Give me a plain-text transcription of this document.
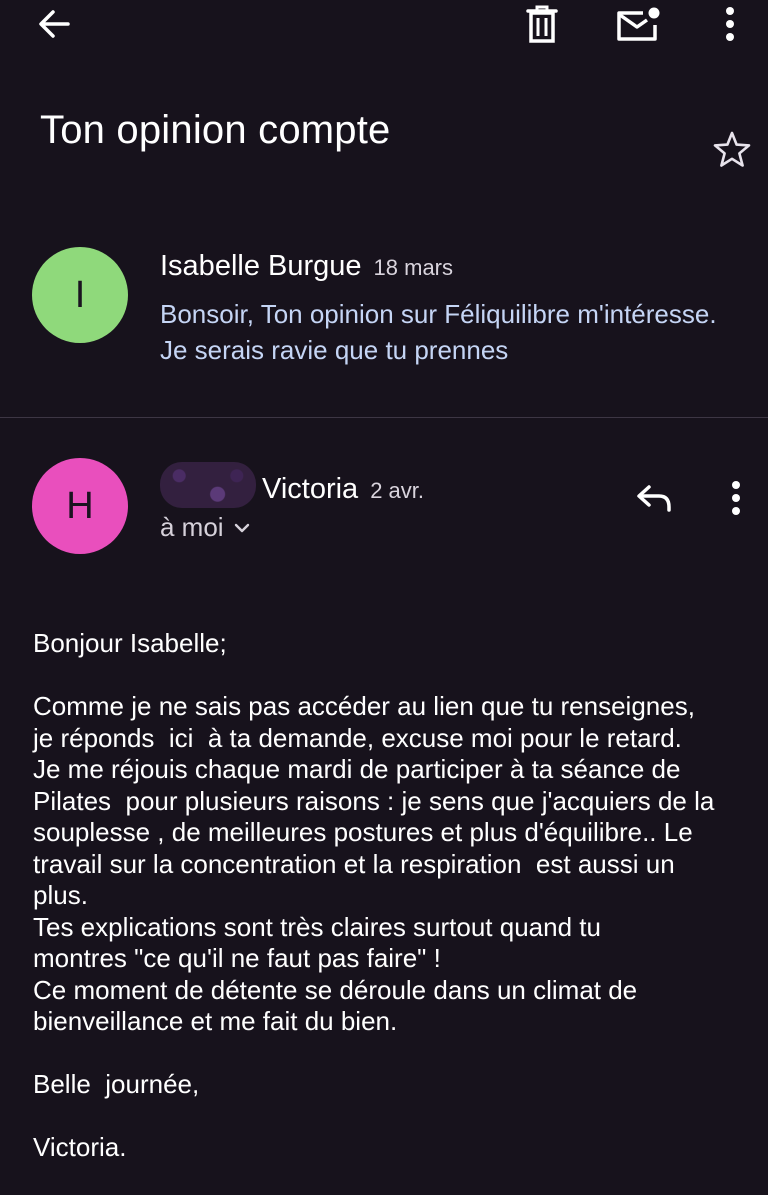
Ton opinion compte
I
Isabelle Burgue 18 mars
Bonsoir, Ton opinion sur Féliquilibre m'intéresse. Je serais ravie que tu prennes
H	Victoria 2 avr.
à moi
Bonjour Isabelle;

Comme je ne sais pas accéder au lien que tu renseignes,
je réponds  ici  à ta demande, excuse moi pour le retard.
Je me réjouis chaque mardi de participer à ta séance de
Pilates  pour plusieurs raisons : je sens que j'acquiers de la
souplesse , de meilleures postures et plus d'équilibre.. Le
travail sur la concentration et la respiration  est aussi un
plus.
Tes explications sont très claires surtout quand tu
montres "ce qu'il ne faut pas faire" !
Ce moment de détente se déroule dans un climat de
bienveillance et me fait du bien.

Belle  journée,

Victoria.
